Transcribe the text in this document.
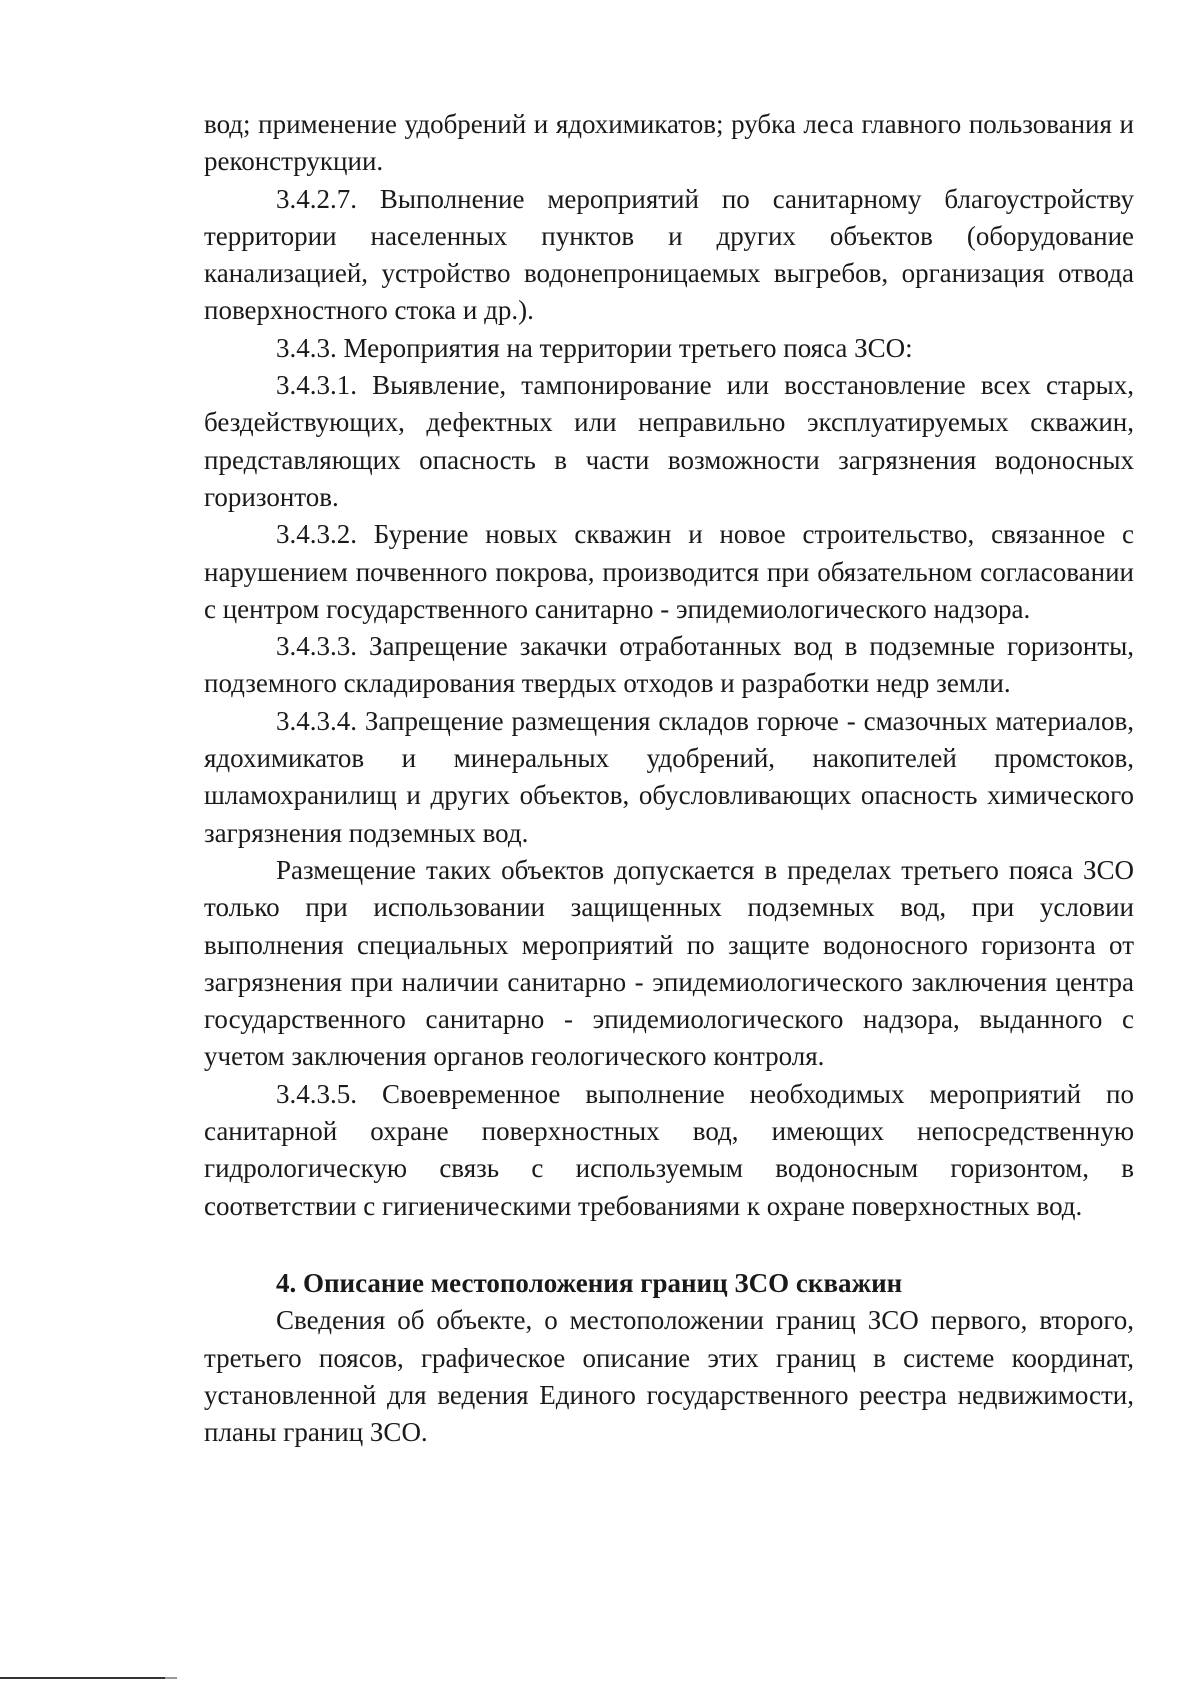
вод; применение удобрений и ядохимикатов; рубка леса главного пользования и реконструкции.

3.4.2.7. Выполнение мероприятий по санитарному благоустройству территории населенных пунктов и других объектов (оборудование канализацией, устройство водонепроницаемых выгребов, организация отвода поверхностного стока и др.).

3.4.3. Мероприятия на территории третьего пояса ЗСО:

3.4.3.1. Выявление, тампонирование или восстановление всех старых, бездействующих, дефектных или неправильно эксплуатируемых скважин, представляющих опасность в части возможности загрязнения водоносных горизонтов.

3.4.3.2. Бурение новых скважин и новое строительство, связанное с нарушением почвенного покрова, производится при обязательном согласовании с центром государственного санитарно - эпидемиологического надзора.

3.4.3.3. Запрещение закачки отработанных вод в подземные горизонты, подземного складирования твердых отходов и разработки недр земли.

3.4.3.4. Запрещение размещения складов горюче - смазочных материалов, ядохимикатов и минеральных удобрений, накопителей промстоков, шламохранилищ и других объектов, обусловливающих опасность химического загрязнения подземных вод.

Размещение таких объектов допускается в пределах третьего пояса ЗСО только при использовании защищенных подземных вод, при условии выполнения специальных мероприятий по защите водоносного горизонта от загрязнения при наличии санитарно - эпидемиологического заключения центра государственного санитарно - эпидемиологического надзора, выданного с учетом заключения органов геологического контроля.

3.4.3.5. Своевременное выполнение необходимых мероприятий по санитарной охране поверхностных вод, имеющих непосредственную гидрологическую связь с используемым водоносным горизонтом, в соответствии с гигиеническими требованиями к охране поверхностных вод.

4. Описание местоположения границ ЗСО скважин

Сведения об объекте, о местоположении границ ЗСО первого, второго, третьего поясов, графическое описание этих границ в системе координат, установленной для ведения Единого государственного реестра недвижимости, планы границ ЗСО.
